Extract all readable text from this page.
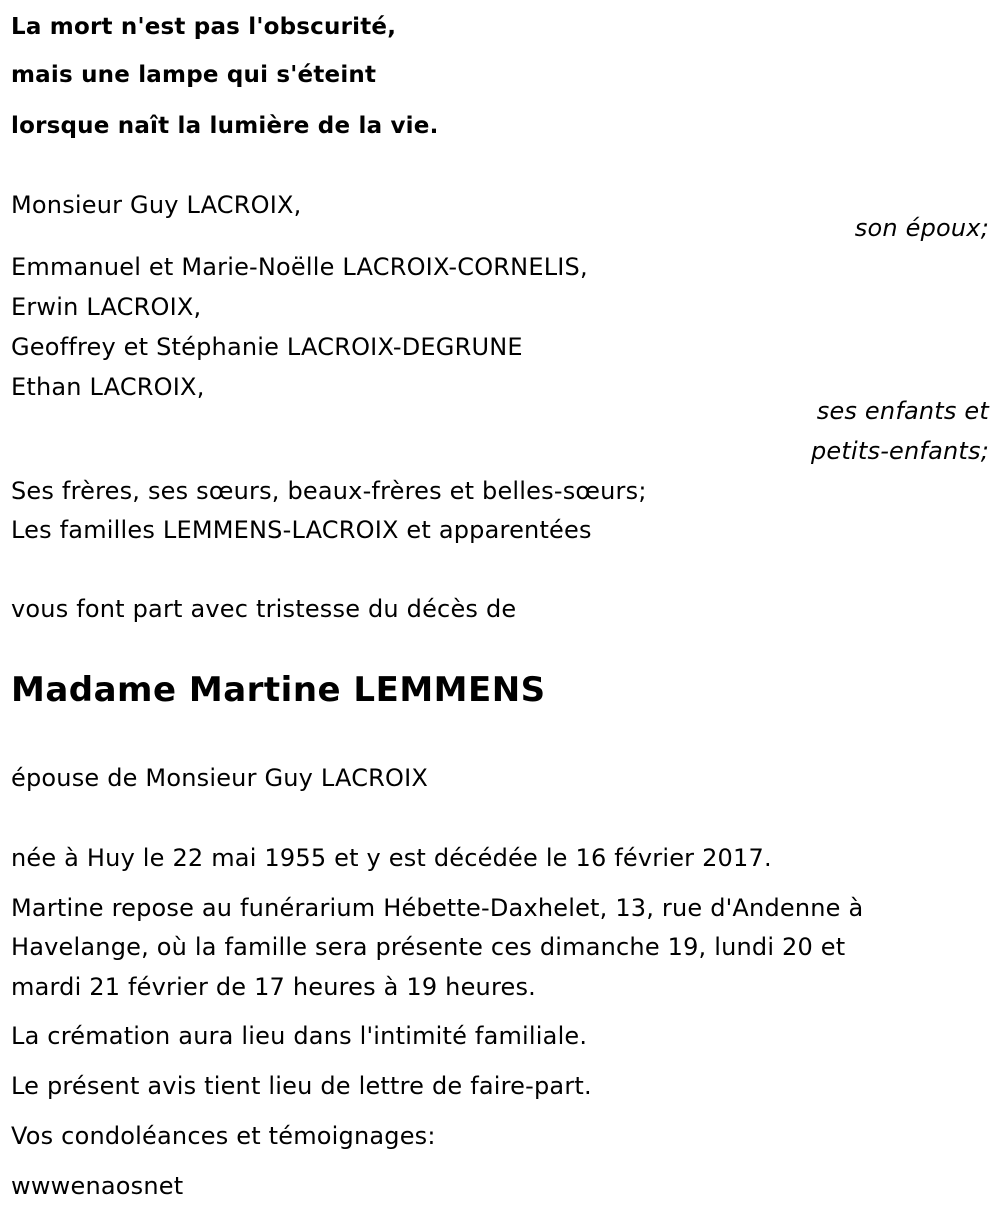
La mort n'est pas l'obscurité,
mais une lampe qui s'éteint
lorsque naît la lumière de la vie.
Monsieur Guy LACROIX,
son époux;
Emmanuel et Marie-Noëlle LACROIX-CORNELIS,
Erwin LACROIX,
Geoffrey et Stéphanie LACROIX-DEGRUNE
Ethan LACROIX,
ses enfants et
petits-enfants;
Ses frères, ses sœurs, beaux-frères et belles-sœurs;
Les familles LEMMENS-LACROIX et apparentées
vous font part avec tristesse du décès de
Madame Martine LEMMENS
épouse de Monsieur Guy LACROIX
née à Huy le 22 mai 1955 et y est décédée le 16 février 2017.
Martine repose au funérarium Hébette-Daxhelet, 13, rue d'Andenne à
Havelange, où la famille sera présente ces dimanche 19, lundi 20 et
mardi 21 février de 17 heures à 19 heures.
La crémation aura lieu dans l'intimité familiale.
Le présent avis tient lieu de lettre de faire-part.
Vos condoléances et témoignages:
wwwenaosnet
